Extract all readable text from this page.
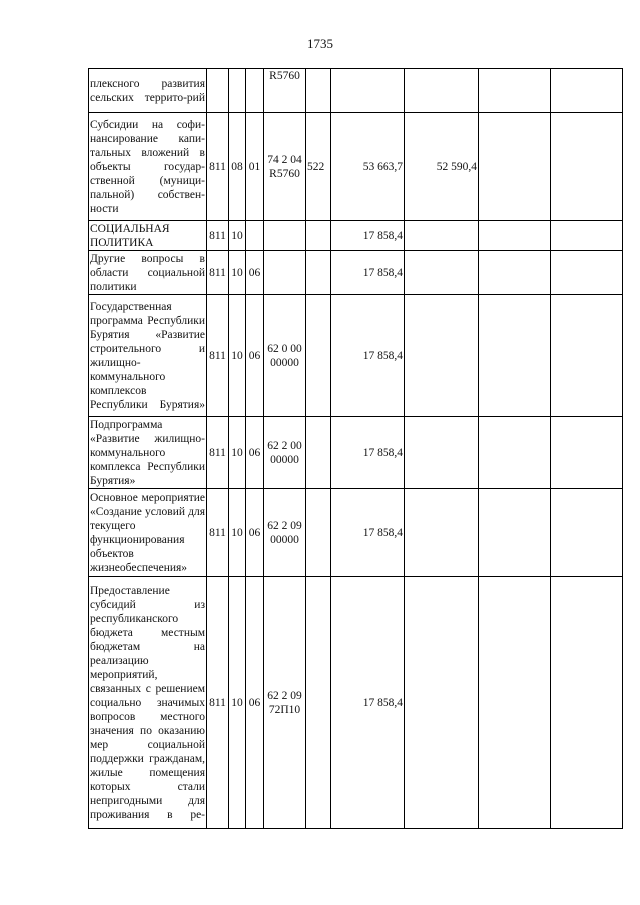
1735
плексного развития сельских террито-рий				R5760					
Субсидии на софи-нансирование капи-тальных вложений в объекты государ-ственной (муници-пальной) собствен-ности	811	08	01	74 2 04 R5760	522	53 663,7	52 590,4		
СОЦИАЛЬНАЯ ПОЛИТИКА	811	10				17 858,4			
Другие вопросы в области социальной политики	811	10	06			17 858,4			
Государственная программа Республики Бурятия «Развитие строительного и жилищно-коммунального комплексов Республики Бурятия»	811	10	06	62 0 00 00000		17 858,4			
Подпрограмма «Развитие жилищно-коммунального комплекса Республики Бурятия»	811	10	06	62 2 00 00000		17 858,4			
Основное мероприятие «Создание условий для текущего функционирования объектов жизнеобеспечения»	811	10	06	62 2 09 00000		17 858,4			
Предоставление субсидий из республиканского бюджета местным бюджетам на реализацию мероприятий, связанных с решением социально значимых вопросов местного значения по оказанию мер социальной поддержки гражданам, жилые помещения которых стали непригодными для проживания в ре-	811	10	06	62 2 09 72П10		17 858,4			
